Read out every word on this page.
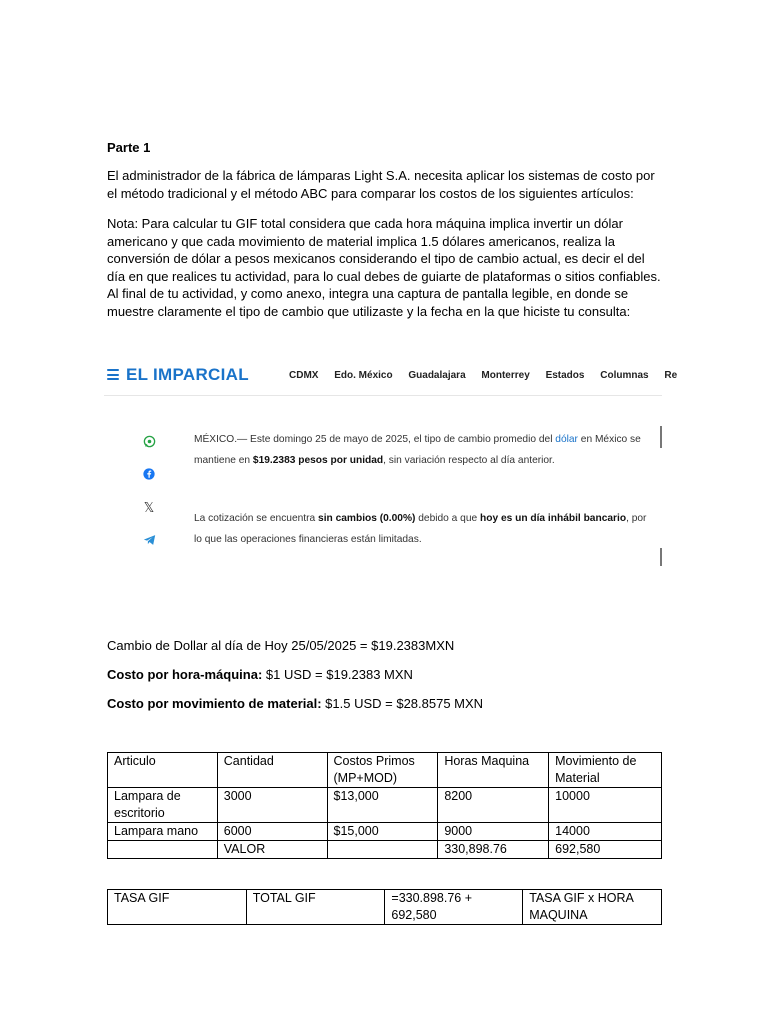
Parte 1

El administrador de la fábrica de lámparas Light S.A. necesita aplicar los sistemas de costo por el método tradicional y el método ABC para comparar los costos de los siguientes artículos:

Nota: Para calcular tu GIF total considera que cada hora máquina implica invertir un dólar americano y que cada movimiento de material implica 1.5 dólares americanos, realiza la conversión de dólar a pesos mexicanos considerando el tipo de cambio actual, es decir el del día en que realices tu actividad, para lo cual debes de guiarte de plataformas o sitios confiables. Al final de tu actividad, y como anexo, integra una captura de pantalla legible, en donde se muestre claramente el tipo de cambio que utilizaste y la fecha en la que hiciste tu consulta:

EL IMPARCIAL	CDMX Edo. México Guadalajara Monterrey Estados Columnas Re
𝕏
MÉXICO.— Este domingo 25 de mayo de 2025, el tipo de cambio promedio del dólar en México se mantiene en $19.2383 pesos por unidad, sin variación respecto al día anterior.
La cotización se encuentra sin cambios (0.00%) debido a que hoy es un día inhábil bancario, por lo que las operaciones financieras están limitadas.

Cambio de Dollar al día de Hoy 25/05/2025 = $19.2383MXN

Costo por hora-máquina: $1 USD = $19.2383 MXN

Costo por movimiento de material: $1.5 USD = $28.8575 MXN

Articulo	Cantidad	Costos Primos (MP+MOD)	Horas Maquina	Movimiento de Material
Lampara de escritorio	3000	$13,000	8200	10000
Lampara mano	6000	$15,000	9000	14000
	VALOR		330,898.76	692,580
TASA GIF	TOTAL GIF	=330.898.76 + 692,580	TASA GIF x HORA MAQUINA
